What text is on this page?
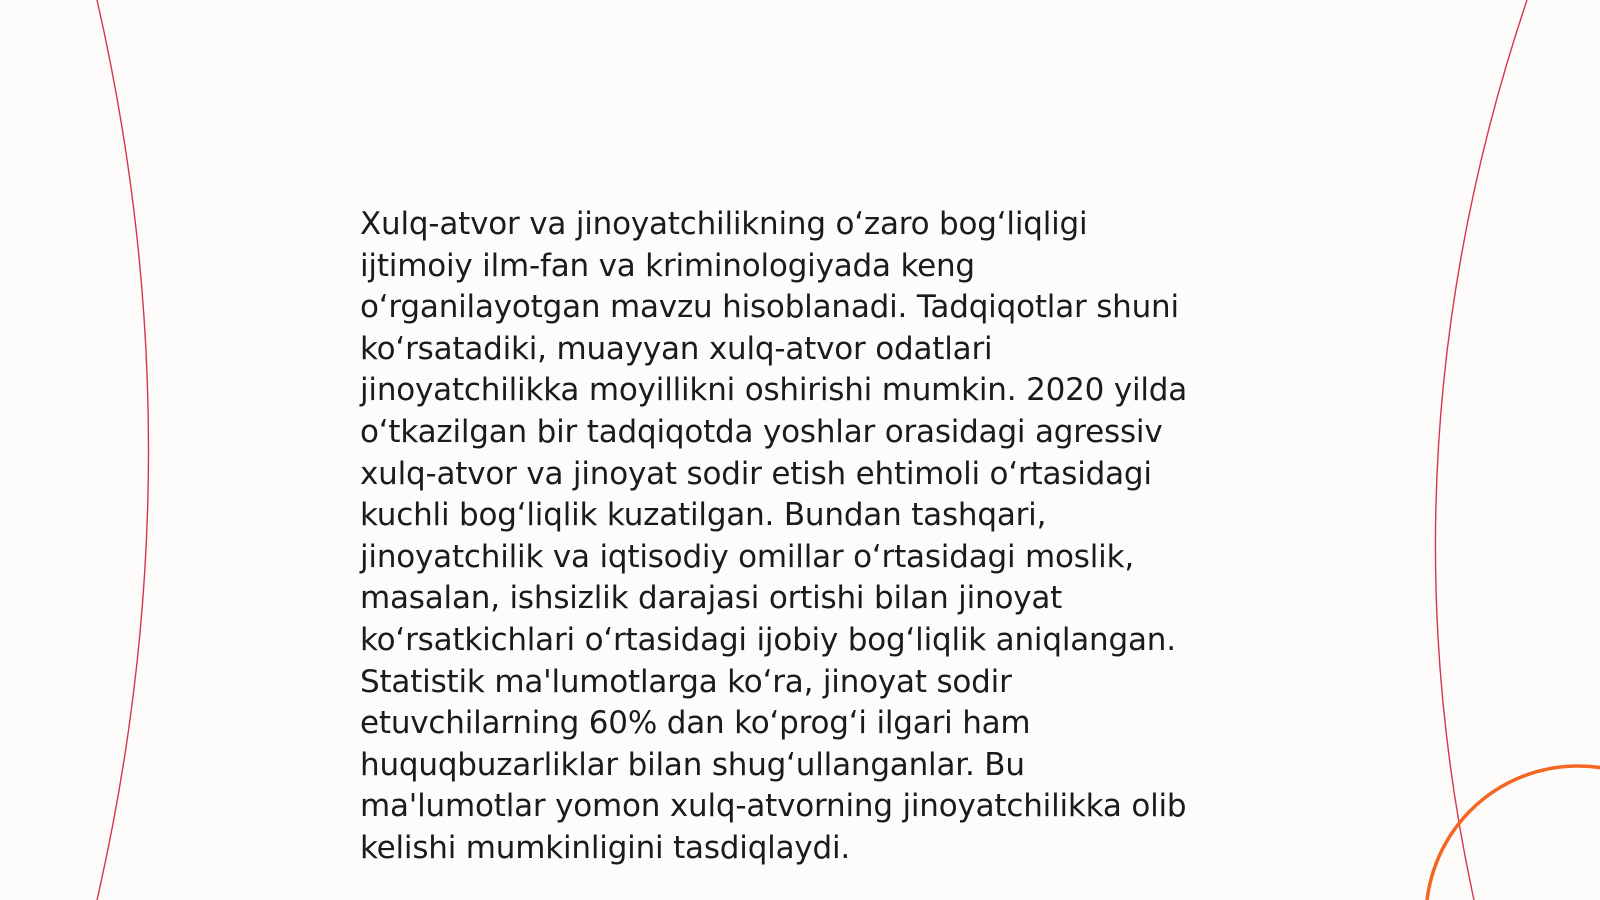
Xulq-atvor va jinoyatchilikning o‘zaro bog‘liqligi
ijtimoiy ilm-fan va kriminologiyada keng
o‘rganilayotgan mavzu hisoblanadi. Tadqiqotlar shuni
ko‘rsatadiki, muayyan xulq-atvor odatlari
jinoyatchilikka moyillikni oshirishi mumkin. 2020 yilda
o‘tkazilgan bir tadqiqotda yoshlar orasidagi agressiv
xulq-atvor va jinoyat sodir etish ehtimoli o‘rtasidagi
kuchli bog‘liqlik kuzatilgan. Bundan tashqari,
jinoyatchilik va iqtisodiy omillar o‘rtasidagi moslik,
masalan, ishsizlik darajasi ortishi bilan jinoyat
ko‘rsatkichlari o‘rtasidagi ijobiy bog‘liqlik aniqlangan.
Statistik ma'lumotlarga ko‘ra, jinoyat sodir
etuvchilarning 60% dan ko‘prog‘i ilgari ham
huquqbuzarliklar bilan shug‘ullanganlar. Bu
ma'lumotlar yomon xulq-atvorning jinoyatchilikka olib
kelishi mumkinligini tasdiqlaydi.
